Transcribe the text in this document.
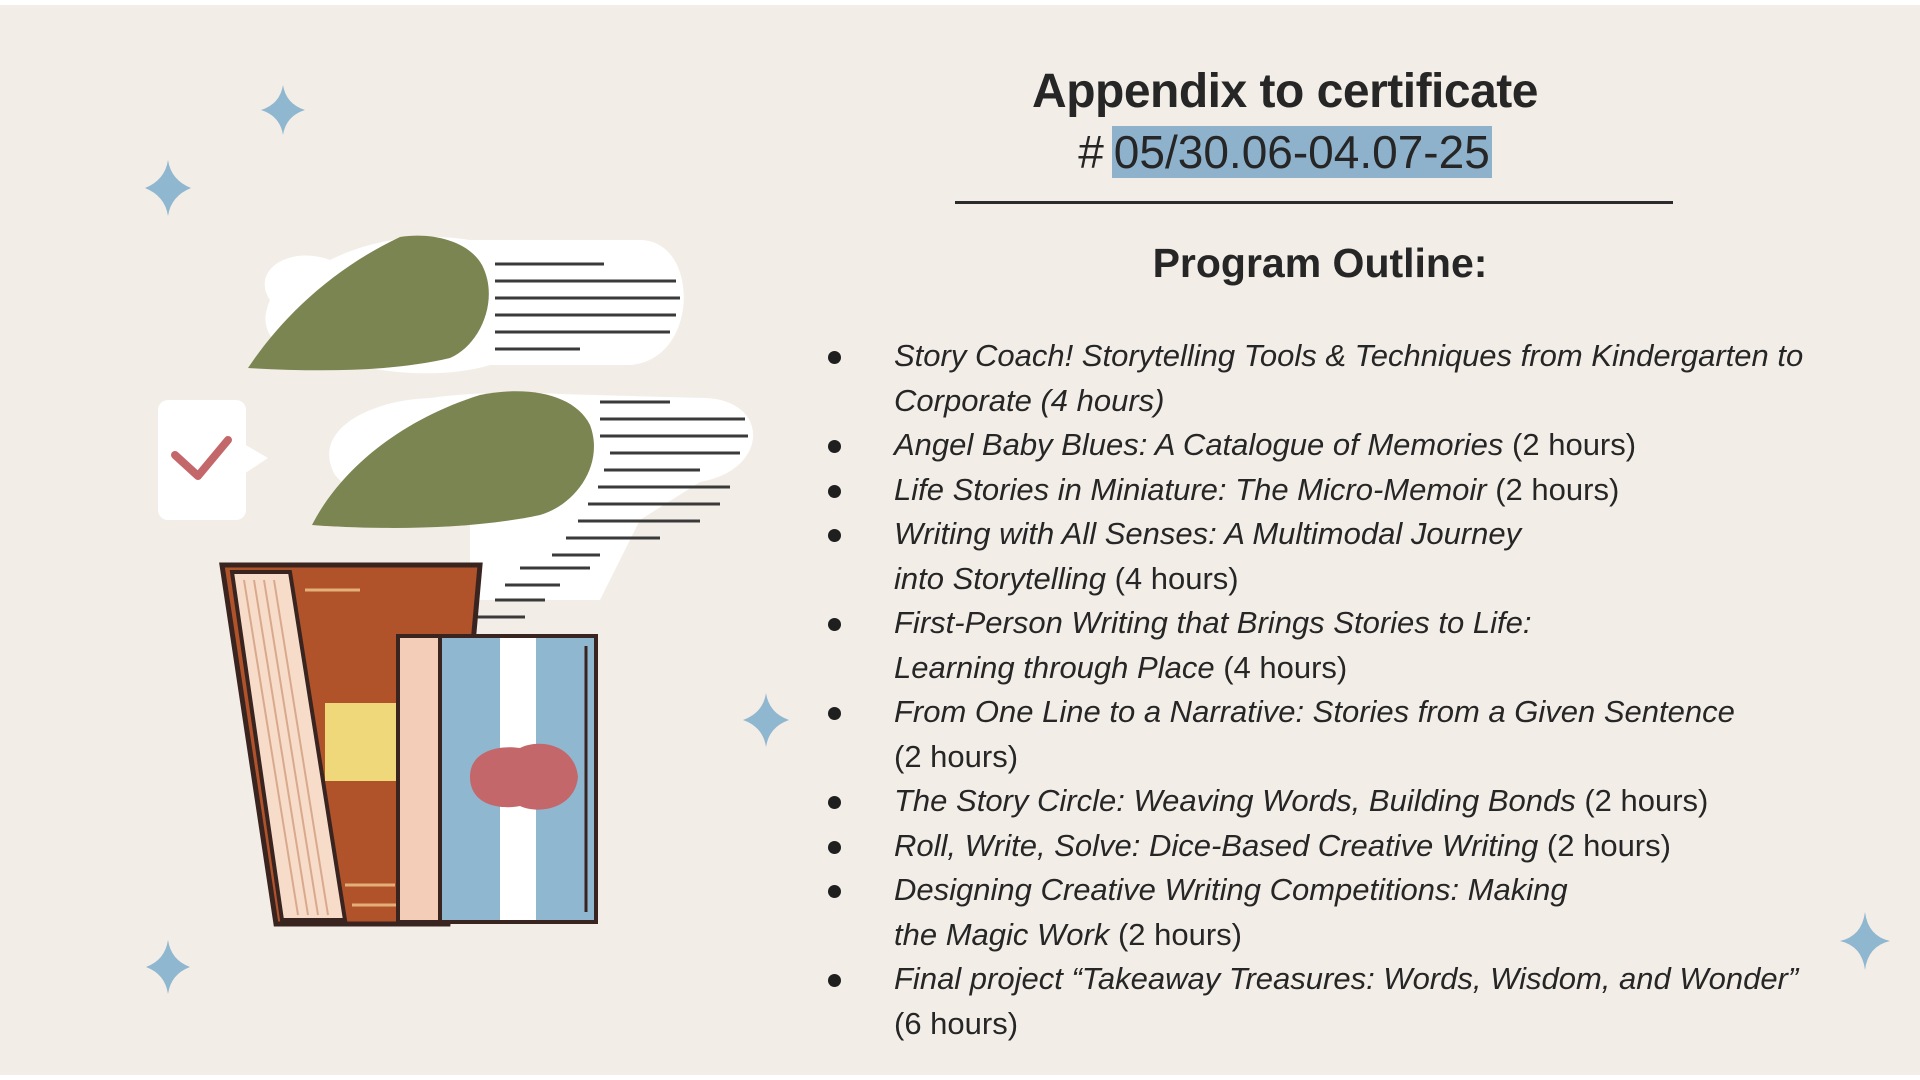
Appendix to certificate
# 05/30.06-04.07-25
Program Outline:
Story Coach! Storytelling Tools & Techniques from Kindergarten to
Corporate (4 hours)
Angel Baby Blues: A Catalogue of Memories (2 hours)
Life Stories in Miniature: The Micro-Memoir (2 hours)
Writing with All Senses: A Multimodal Journey
into Storytelling (4 hours)
First-Person Writing that Brings Stories to Life:
Learning through Place (4 hours)
From One Line to a Narrative: Stories from a Given Sentence
(2 hours)
The Story Circle: Weaving Words, Building Bonds (2 hours)
Roll, Write, Solve: Dice-Based Creative Writing (2 hours)
Designing Creative Writing Competitions: Making
the Magic Work (2 hours)
Final project “Takeaway Treasures: Words, Wisdom, and Wonder”
(6 hours)
